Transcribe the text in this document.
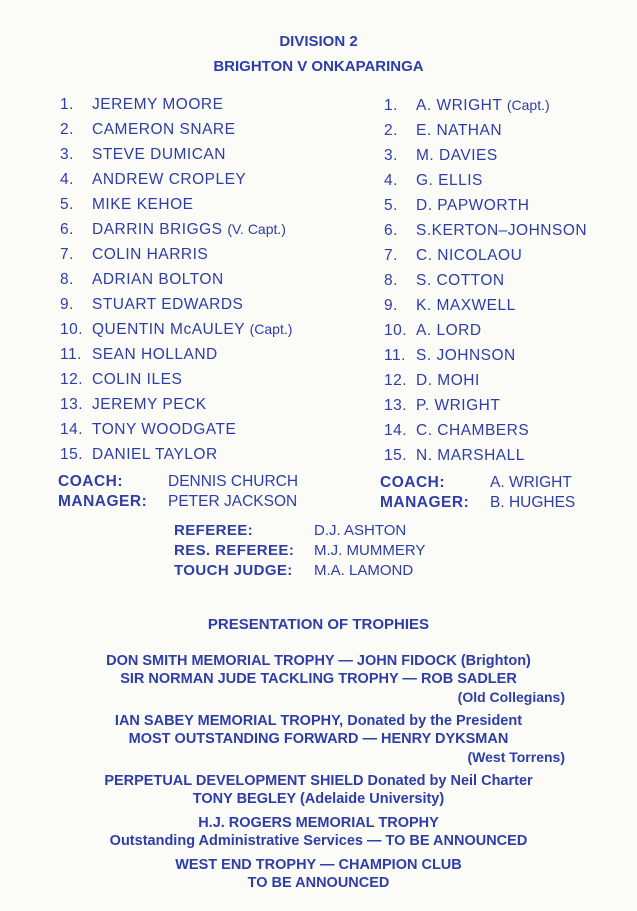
DIVISION 2
BRIGHTON V ONKAPARINGA
1. JEREMY MOORE
2. CAMERON SNARE
3. STEVE DUMICAN
4. ANDREW CROPLEY
5. MIKE KEHOE
6. DARRIN BRIGGS (V. Capt.)
7. COLIN HARRIS
8. ADRIAN BOLTON
9. STUART EDWARDS
10. QUENTIN McAULEY (Capt.)
11. SEAN HOLLAND
12. COLIN ILES
13. JEREMY PECK
14. TONY WOODGATE
15. DANIEL TAYLOR
1. A. WRIGHT (Capt.)
2. E. NATHAN
3. M. DAVIES
4. G. ELLIS
5. D. PAPWORTH
6. S.KERTON–JOHNSON
7. C. NICOLAOU
8. S. COTTON
9. K. MAXWELL
10. A. LORD
11. S. JOHNSON
12. D. MOHI
13. P. WRIGHT
14. C. CHAMBERS
15. N. MARSHALL
COACH:	DENNIS CHURCH
MANAGER: PETER JACKSON
COACH:	A. WRIGHT
MANAGER: B. HUGHES
REFEREE:	D.J. ASHTON
RES. REFEREE: M.J. MUMMERY
TOUCH JUDGE: M.A. LAMOND
PRESENTATION OF TROPHIES
DON SMITH MEMORIAL TROPHY — JOHN FIDOCK (Brighton)
SIR NORMAN JUDE TACKLING TROPHY — ROB SADLER
(Old Collegians)
IAN SABEY MEMORIAL TROPHY, Donated by the President
MOST OUTSTANDING FORWARD — HENRY DYKSMAN
(West Torrens)
PERPETUAL DEVELOPMENT SHIELD Donated by Neil Charter
TONY BEGLEY (Adelaide University)
H.J. ROGERS MEMORIAL TROPHY
Outstanding Administrative Services — TO BE ANNOUNCED
WEST END TROPHY — CHAMPION CLUB
TO BE ANNOUNCED
